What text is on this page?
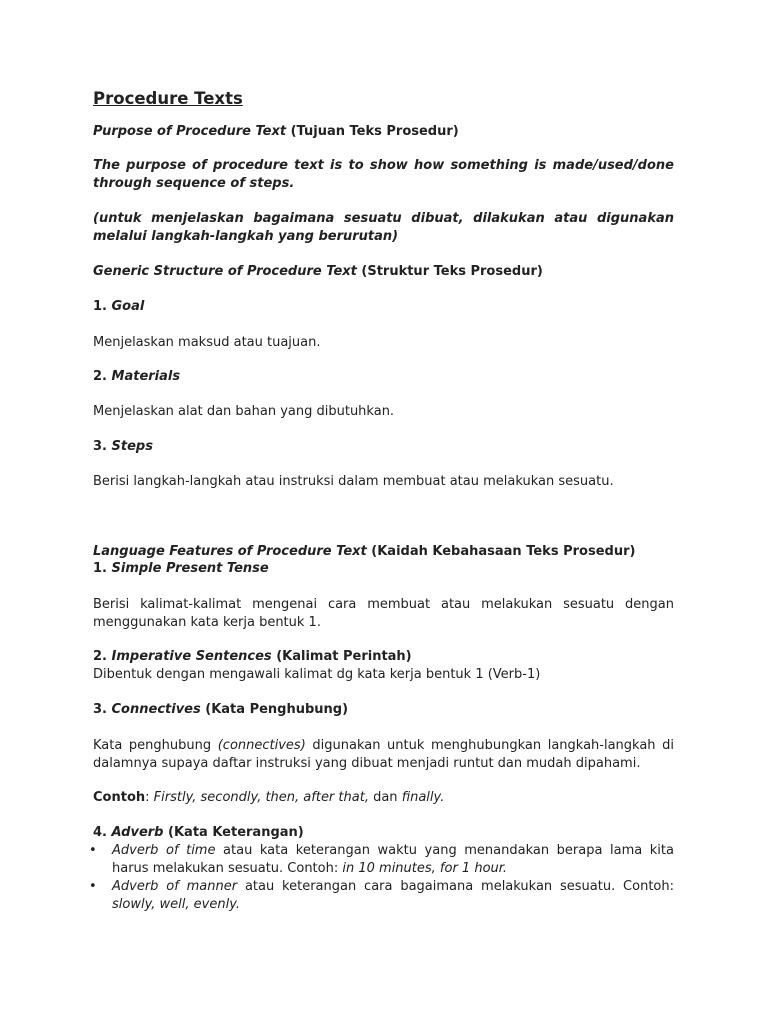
Procedure Texts
Purpose of Procedure Text (Tujuan Teks Prosedur)
The purpose of procedure text is to show how something is made/used/done through sequence of steps.
(untuk menjelaskan bagaimana sesuatu dibuat, dilakukan atau digunakan melalui langkah-langkah yang berurutan)
Generic Structure of Procedure Text (Struktur Teks Prosedur)
1. Goal
Menjelaskan maksud atau tuajuan.
2. Materials
Menjelaskan alat dan bahan yang dibutuhkan.
3. Steps
Berisi langkah-langkah atau instruksi dalam membuat atau melakukan sesuatu.
Language Features of Procedure Text (Kaidah Kebahasaan Teks Prosedur)
1. Simple Present Tense
Berisi kalimat-kalimat mengenai cara membuat atau melakukan sesuatu dengan menggunakan kata kerja bentuk 1.
2. Imperative Sentences (Kalimat Perintah)
Dibentuk dengan mengawali kalimat dg kata kerja bentuk 1 (Verb-1)
3. Connectives (Kata Penghubung)
Kata penghubung (connectives) digunakan untuk menghubungkan langkah-langkah di dalamnya supaya daftar instruksi yang dibuat menjadi runtut dan mudah dipahami.
Contoh: Firstly, secondly, then, after that, dan finally.
4. Adverb (Kata Keterangan)
• Adverb of time atau kata keterangan waktu yang menandakan berapa lama kita harus melakukan sesuatu. Contoh: in 10 minutes, for 1 hour.
• Adverb of manner atau keterangan cara bagaimana melakukan sesuatu. Contoh: slowly, well, evenly.
